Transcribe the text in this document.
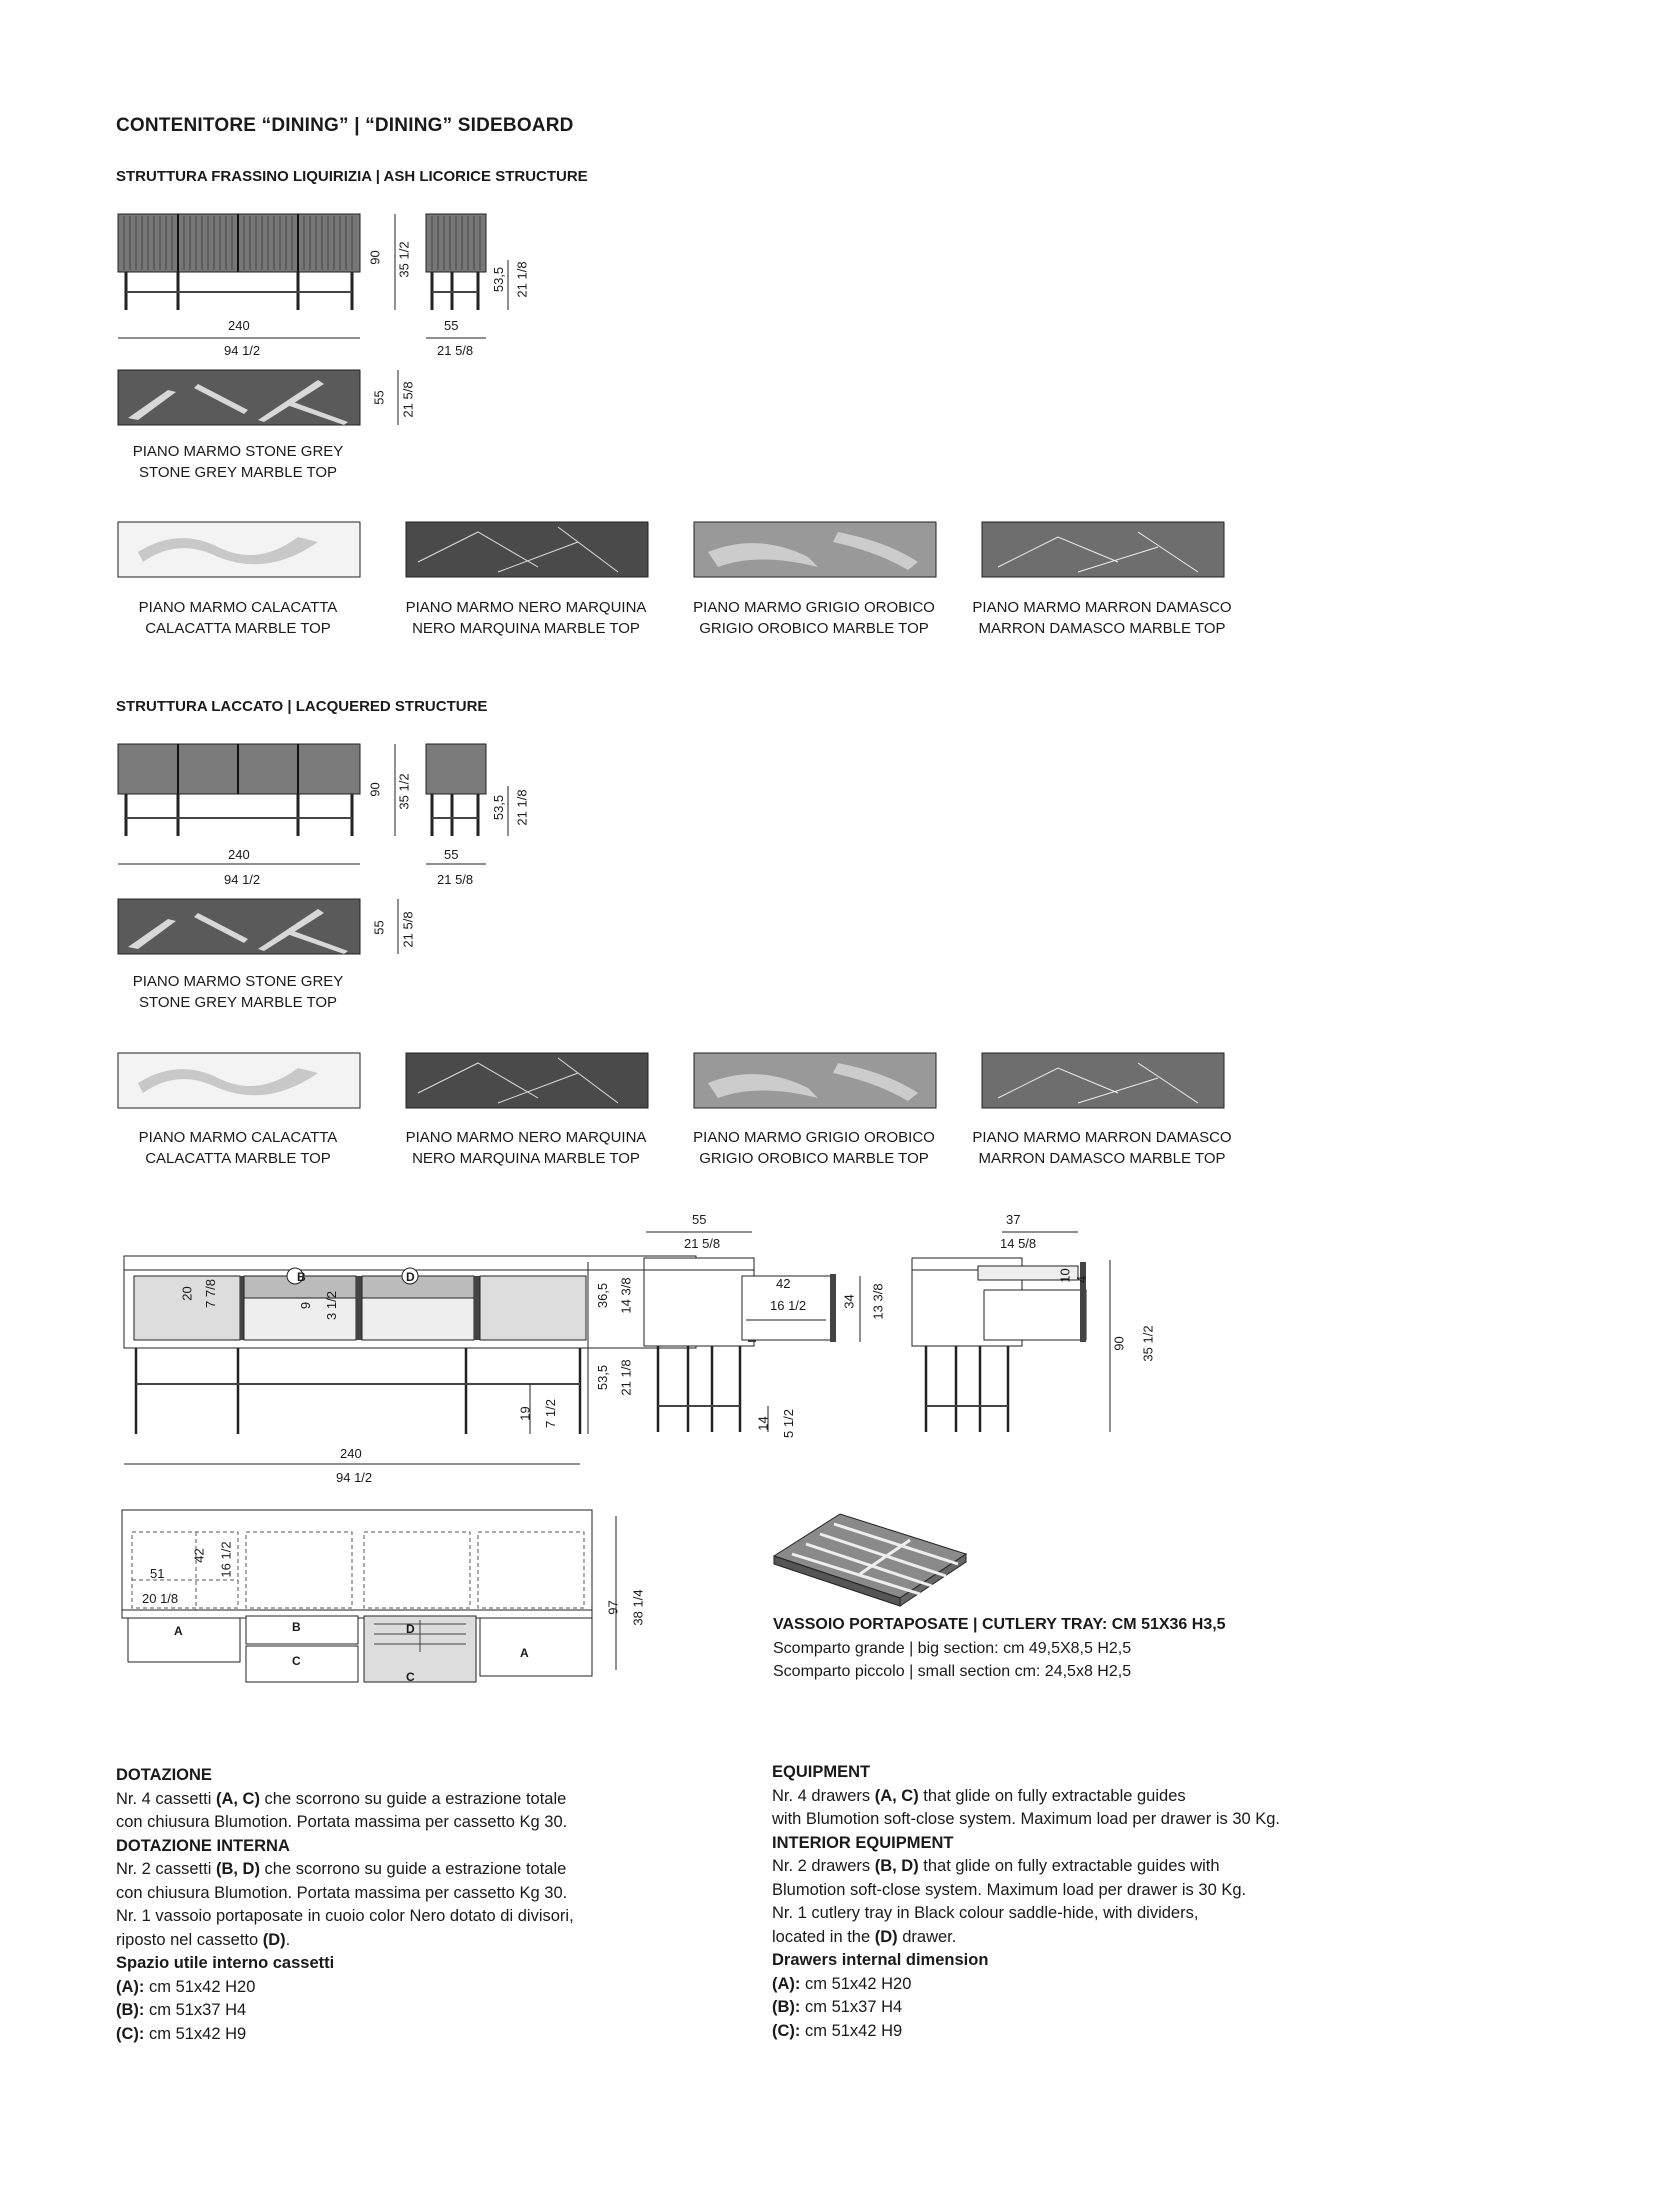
CONTENITORE “DINING” | “DINING” SIDEBOARD
STRUTTURA FRASSINO LIQUIRIZIA | ASH LICORICE STRUCTURE
240
94 1/2
55
21 5/8
90 35 1/2
53,5 21 1/8
55 21 5/8
PIANO MARMO STONE GREY
STONE GREY MARBLE TOP
PIANO MARMO CALACATTA
CALACATTA MARBLE TOP
PIANO MARMO NERO MARQUINA
NERO MARQUINA MARBLE TOP
PIANO MARMO GRIGIO OROBICO
GRIGIO OROBICO MARBLE TOP
PIANO MARMO MARRON DAMASCO
MARRON DAMASCO MARBLE TOP
STRUTTURA LACCATO | LACQUERED STRUCTURE
240
94 1/2
55
21 5/8
90 35 1/2	53,5 21 1/8
55 21 5/8
PIANO MARMO STONE GREY
STONE GREY MARBLE TOP
PIANO MARMO CALACATTA
CALACATTA MARBLE TOP
PIANO MARMO NERO MARQUINA
NERO MARQUINA MARBLE TOP
PIANO MARMO GRIGIO OROBICO
GRIGIO OROBICO MARBLE TOP
PIANO MARMO MARRON DAMASCO
MARRON DAMASCO MARBLE TOP
B	D
20 7 7/8	9 3 1/2	36,5 14 3/8
53,5 21 1/8
19 7 1/2
240
94 1/2
55
21 5/8
42
16 1/2	34 13 3/8
14 5 1/2
37
14 5/8
10 4
90 35 1/2
51
42 16 1/2
20 1/8
97 38 1/4
A	B
C
D
C
A
VASSOIO PORTAPOSATE | CUTLERY TRAY: CM 51X36 H3,5
Scomparto grande | big section: cm 49,5X8,5 H2,5
Scomparto piccolo | small section cm: 24,5x8 H2,5
DOTAZIONE
Nr. 4 cassetti (A, C) che scorrono su guide a estrazione totale
con chiusura Blumotion. Portata massima per cassetto Kg 30.
DOTAZIONE INTERNA
Nr. 2 cassetti (B, D) che scorrono su guide a estrazione totale
con chiusura Blumotion. Portata massima per cassetto Kg 30.
Nr. 1 vassoio portaposate in cuoio color Nero dotato di divisori,
riposto nel cassetto (D).
Spazio utile interno cassetti
(A): cm 51x42 H20
(B): cm 51x37 H4
(C): cm 51x42 H9
EQUIPMENT
Nr. 4 drawers (A, C) that glide on fully extractable guides
with Blumotion soft-close system. Maximum load per drawer is 30 Kg.
INTERIOR EQUIPMENT
Nr. 2 drawers (B, D) that glide on fully extractable guides with
Blumotion soft-close system. Maximum load per drawer is 30 Kg.
Nr. 1 cutlery tray in Black colour saddle-hide, with dividers,
located in the (D) drawer.
Drawers internal dimension
(A): cm 51x42 H20
(B): cm 51x37 H4
(C): cm 51x42 H9
